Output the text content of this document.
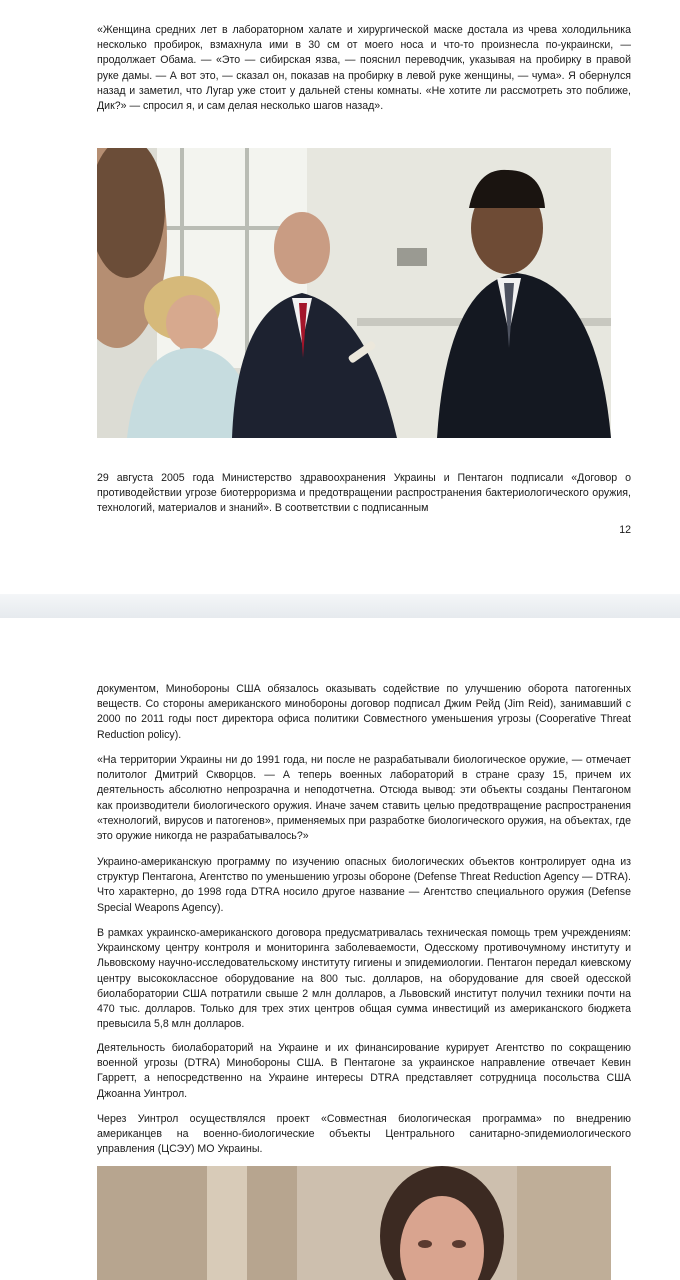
«Женщина средних лет в лабораторном халате и хирургической маске достала из чрева холодильника несколько пробирок, взмахнула ими в 30 см от моего носа и что-то произнесла по-украински, — продолжает Обама. — «Это — сибирская язва, — пояснил переводчик, указывая на пробирку в правой руке дамы. — А вот это, — сказал он, показав на пробирку в левой руке женщины, — чума». Я обернулся назад и заметил, что Лугар уже стоит у дальней стены комнаты. «Не хотите ли рассмотреть это поближе, Дик?» — спросил я, и сам делая несколько шагов назад».

29 августа 2005 года Министерство здравоохранения Украины и Пентагон подписали «Договор о противодействии угрозе биотерроризма и предотвращении распространения бактериологического оружия, технологий, материалов и знаний». В соответствии с подписанным

12

документом, Минобороны США обязалось оказывать содействие по улучшению оборота патогенных веществ. Со стороны американского минобороны договор подписал Джим Рейд (Jim Reid), занимавший с 2000 по 2011 годы пост директора офиса политики Совместного уменьшения угрозы (Cooperative Threat Reduction policy).

«На территории Украины ни до 1991 года, ни после не разрабатывали биологическое оружие, — отмечает политолог Дмитрий Скворцов. — А теперь военных лабораторий в стране сразу 15, причем их деятельность абсолютно непрозрачна и неподотчетна. Отсюда вывод: эти объекты созданы Пентагоном как производители биологического оружия. Иначе зачем ставить целью предотвращение распространения «технологий, вирусов и патогенов», применяемых при разработке биологического оружия, на объектах, где это оружие никогда не разрабатывалось?»

Украино-американскую программу по изучению опасных биологических объектов контролирует одна из структур Пентагона, Агентство по уменьшению угрозы обороне (Defense Threat Reduction Agency — DTRA). Что характерно, до 1998 года DTRA носило другое название — Агентство специального оружия (Defense Special Weapons Agency).

В рамках украинско-американского договора предусматривалась техническая помощь трем учреждениям: Украинскому центру контроля и мониторинга заболеваемости, Одесскому противочумному институту и Львовскому научно-исследовательскому институту гигиены и эпидемиологии. Пентагон передал киевскому центру высококлассное оборудование на 800 тыс. долларов, на оборудование для своей одесской биолаборатории США потратили свыше 2 млн долларов, а Львовский институт получил техники почти на 470 тыс. долларов. Только для трех этих центров общая сумма инвестиций из американского бюджета превысила 5,8 млн долларов.

Деятельность биолабораторий на Украине и их финансирование курирует Агентство по сокращению военной угрозы (DTRA) Минобороны США. В Пентагоне за украинское направление отвечает Кевин Гарретт, а непосредственно на Украине интересы DTRA представляет сотрудница посольства США Джоанна Уинтрол.

Через Уинтрол осуществлялся проект «Совместная биологическая программа» по внедрению американцев на военно-биологические объекты Центрального санитарно-эпидемиологического управления (ЦСЭУ) МО Украины.
